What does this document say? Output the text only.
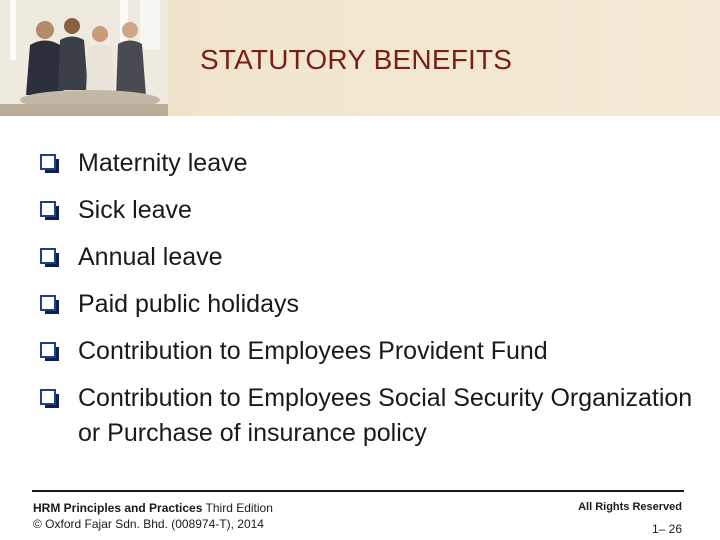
STATUTORY BENEFITS
Maternity leave
Sick leave
Annual leave
Paid public holidays
Contribution to Employees Provident Fund
Contribution to Employees Social Security Organization or Purchase of insurance policy
HRM Principles and Practices Third Edition
© Oxford Fajar Sdn. Bhd. (008974-T), 2014
All Rights Reserved
1– 26
